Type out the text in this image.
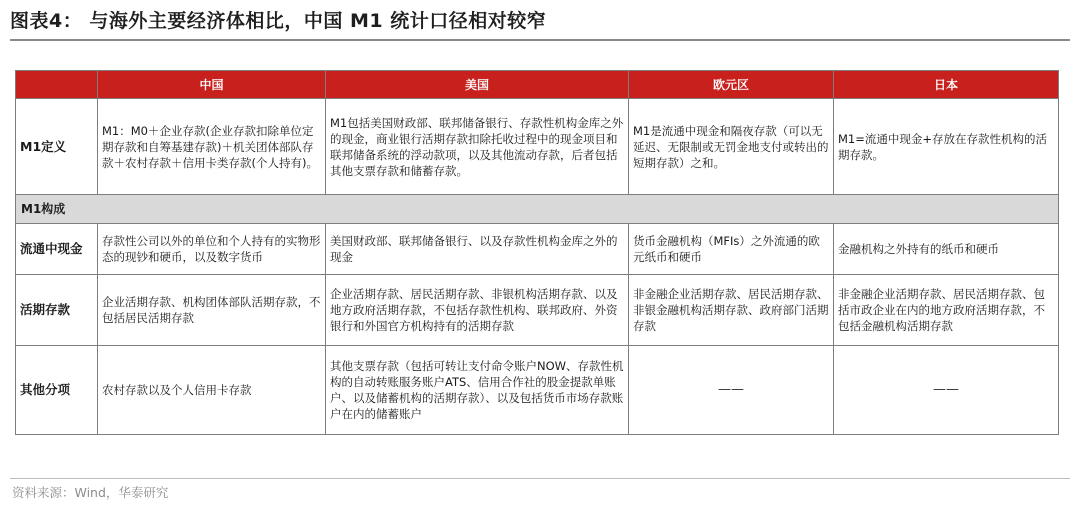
图表4： 与海外主要经济体相比，中国 M1 统计口径相对较窄
	中国	美国	欧元区	日本
M1定义	M1：M0＋企业存款(企业存款扣除单位定期存款和自筹基建存款)＋机关团体部队存款＋农村存款＋信用卡类存款(个人持有)。	M1包括美国财政部、联邦储备银行、存款性机构金库之外的现金，商业银行活期存款扣除托收过程中的现金项目和联邦储备系统的浮动款项，以及其他流动存款，后者包括其他支票存款和储蓄存款。	M1是流通中现金和隔夜存款（可以无延迟、无限制或无罚金地支付或转出的短期存款）之和。	M1=流通中现金+存放在存款性机构的活期存款。
M1构成				
流通中现金	存款性公司以外的单位和个人持有的实物形态的现钞和硬币，以及数字货币	美国财政部、联邦储备银行、以及存款性机构金库之外的现金	货币金融机构（MFIs）之外流通的欧元纸币和硬币	金融机构之外持有的纸币和硬币
活期存款	企业活期存款、机构团体部队活期存款，不包括居民活期存款	企业活期存款、居民活期存款、非银机构活期存款、以及地方政府活期存款，不包括存款性机构、联邦政府、外资银行和外国官方机构持有的活期存款	非金融企业活期存款、居民活期存款、非银金融机构活期存款、政府部门活期存款	非金融企业活期存款、居民活期存款、包括市政企业在内的地方政府活期存款，不包括金融机构活期存款
其他分项	农村存款以及个人信用卡存款	其他支票存款（包括可转让支付命令账户NOW、存款性机构的自动转账服务账户ATS、信用合作社的股金提款单账户、以及储蓄机构的活期存款）、以及包括货币市场存款账户在内的储蓄账户	——	——
资料来源：Wind，华泰研究
